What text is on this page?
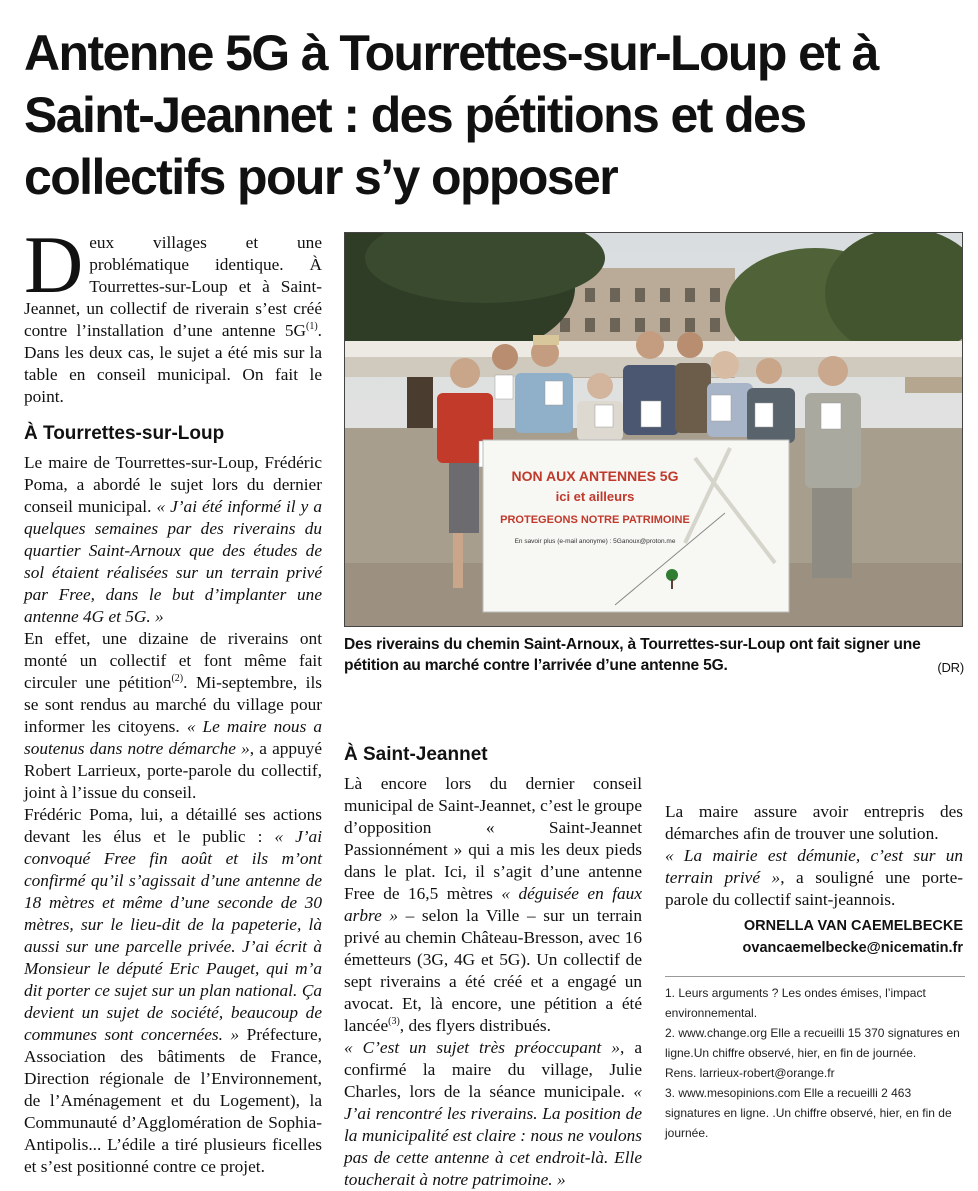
Antenne 5G à Tourrettes-sur-Loup et à Saint-Jeannet : des pétitions et des collectifs pour s’y opposer

Deux villages et une problématique identique. À Tourrettes-sur-Loup et à Saint-Jeannet, un collectif de riverain s’est créé contre l’installation d’une antenne $5G^{(1)}$. Dans les deux cas, le sujet a été mis sur la table en conseil municipal. On fait le point.

À Tourrettes-sur-Loup

Le maire de Tourrettes-sur-Loup, Frédéric Poma, a abordé le sujet lors du dernier conseil municipal. « J’ai été informé il y a quelques semaines par des riverains du quartier Saint-Arnoux que des études de sol étaient réalisées sur un terrain privé par Free, dans le but d’implanter une antenne 4G et 5G. »

En effet, une dizaine de riverains ont monté un collectif et font même fait circuler une pétition$^{(2)}$. Mi-septembre, ils se sont rendus au marché du village pour informer les citoyens. « Le maire nous a soutenus dans notre démarche », a appuyé Robert Larrieux, porte-parole du collectif, joint à l’issue du conseil.

Frédéric Poma, lui, a détaillé ses actions devant les élus et le public : « J’ai convoqué Free fin août et ils m’ont confirmé qu’il s’agissait d’une antenne de 18 mètres et même d’une seconde de 30 mètres, sur le lieu-dit de la papeterie, là aussi sur une parcelle privée. J’ai écrit à Monsieur le député Eric Pauget, qui m’a dit porter ce sujet sur un plan national. Ça devient un sujet de société, beaucoup de communes sont concernées. » Préfecture, Association des bâtiments de France, Direction régionale de l’Environnement, de l’Aménagement et du Logement), la Communauté d’Agglomération de Sophia-Antipolis... L’édile a tiré plusieurs ficelles et s’est positionné contre ce projet.

NON AUX ANTENNES 5G
ici et ailleurs
PROTEGEONS NOTRE PATRIMOINE
En savoir plus (e-mail anonyme) : 5Ganoux@proton.me
Des riverains du chemin Saint-Arnoux, à Tourrettes-sur-Loup ont fait signer une pétition au marché contre l’arrivée d’une antenne 5G.	(DR)

À Saint-Jeannet

Là encore lors du dernier conseil municipal de Saint-Jeannet, c’est le groupe d’opposition « Saint-Jeannet Passionnément » qui a mis les deux pieds dans le plat. Ici, il s’agit d’une antenne Free de 16,5 mètres « déguisée en faux arbre » – selon la Ville – sur un terrain privé au chemin Château-Bresson, avec 16 émetteurs (3G, 4G et 5G). Un collectif de sept riverains a été créé et a engagé un avocat. Et, là encore, une pétition a été lancée$^{(3)}$, des flyers distribués.

« C’est un sujet très préoccupant », a confirmé la maire du village, Julie Charles, lors de la séance municipale. « J’ai rencontré les riverains. La position de la municipalité est claire : nous ne voulons pas de cette antenne à cet endroit-là. Elle toucherait à notre patrimoine. »

La maire assure avoir entrepris des démarches afin de trouver une solution.

« La mairie est démunie, c’est sur un terrain privé », a souligné une porte-parole du collectif saint-jeannois.

ORNELLA VAN CAEMELBECKE

ovancaemelbecke@nicematin.fr

1. Leurs arguments ? Les ondes émises, l’impact environnemental.

2. www.change.org Elle a recueilli 15 370 signatures en ligne.Un chiffre observé, hier, en fin de journée.

Rens. larrieux-robert@orange.fr

3. www.mesopinions.com Elle a recueilli 2 463 signatures en ligne. .Un chiffre observé, hier, en fin de journée.
